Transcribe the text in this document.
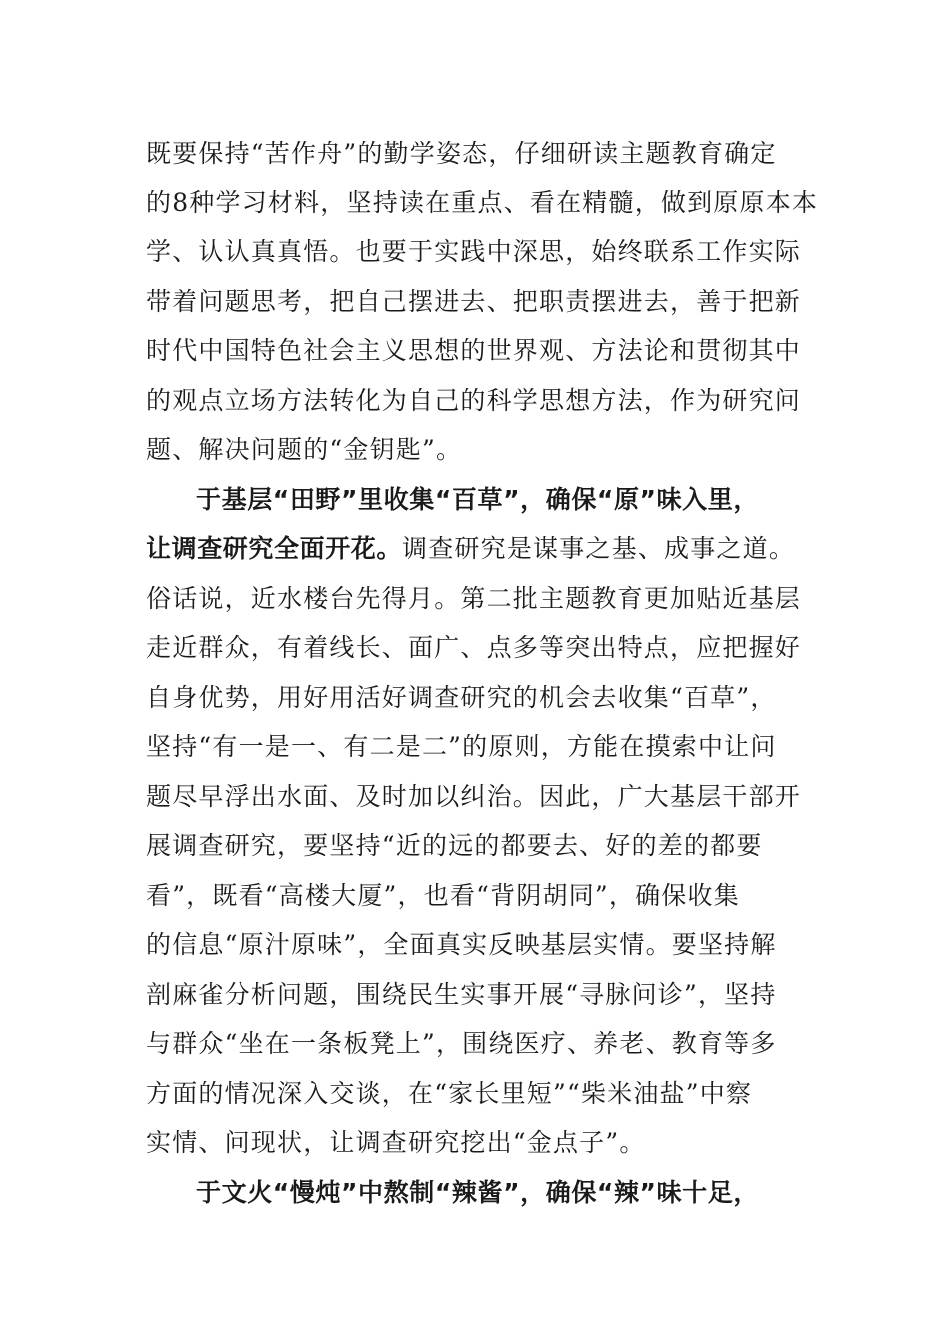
既要保持“苦作舟”的勤学姿态，仔细研读主题教育确定
的8种学习材料，坚持读在重点、看在精髓，做到原原本本
学、认认真真悟。也要于实践中深思，始终联系工作实际
带着问题思考，把自己摆进去、把职责摆进去，善于把新
时代中国特色社会主义思想的世界观、方法论和贯彻其中
的观点立场方法转化为自己的科学思想方法，作为研究问
题、解决问题的“金钥匙”。
于基层“田野”里收集“百草”，确保“原”味入里，
让调查研究全面开花。调查研究是谋事之基、成事之道。
俗话说，近水楼台先得月。第二批主题教育更加贴近基层
走近群众，有着线长、面广、点多等突出特点，应把握好
自身优势，用好用活好调查研究的机会去收集“百草”，
坚持“有一是一、有二是二”的原则，方能在摸索中让问
题尽早浮出水面、及时加以纠治。因此，广大基层干部开
展调查研究，要坚持“近的远的都要去、好的差的都要
看”，既看“高楼大厦”，也看“背阴胡同”，确保收集
的信息“原汁原味”，全面真实反映基层实情。要坚持解
剖麻雀分析问题，围绕民生实事开展“寻脉问诊”，坚持
与群众“坐在一条板凳上”，围绕医疗、养老、教育等多
方面的情况深入交谈，在“家长里短”“柴米油盐”中察
实情、问现状，让调查研究挖出“金点子”。
于文火“慢炖”中熬制“辣酱”，确保“辣”味十足，
